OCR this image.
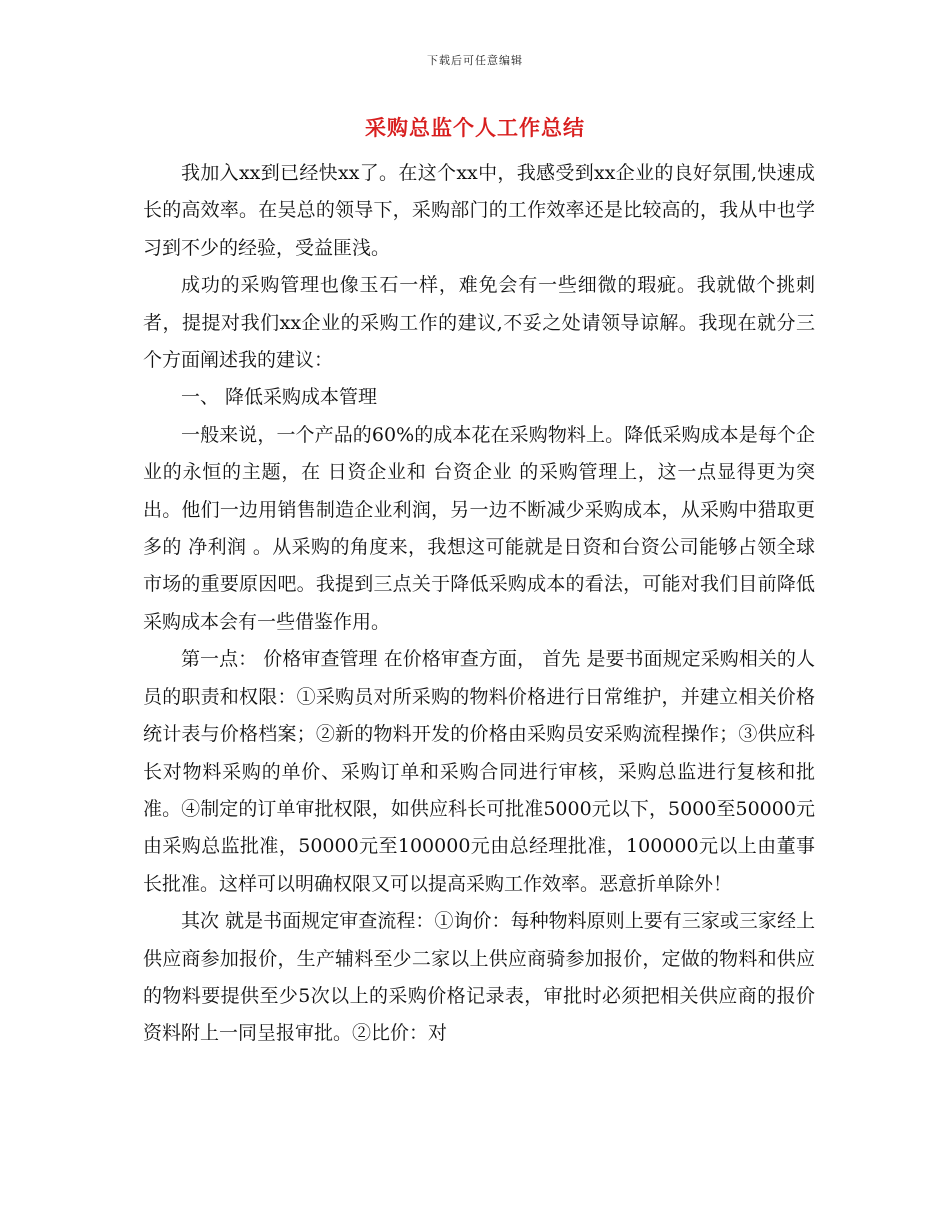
下载后可任意编辑
采购总监个人工作总结

我加入xx到已经快xx了。在这个xx中，我感受到xx企业的良好氛围,快速成长的高效率。在吴总的领导下，采购部门的工作效率还是比较高的，我从中也学习到不少的经验，受益匪浅。

成功的采购管理也像玉石一样，难免会有一些细微的瑕疵。我就做个挑刺者，提提对我们xx企业的采购工作的建议,不妥之处请领导谅解。我现在就分三个方面阐述我的建议：

一、 降低采购成本管理

一般来说，一个产品的60%的成本花在采购物料上。降低采购成本是每个企业的永恒的主题，在 日资企业和 台资企业 的采购管理上，这一点显得更为突出。他们一边用销售制造企业利润，另一边不断减少采购成本，从采购中猎取更多的 净利润 。从采购的角度来，我想这可能就是日资和台资公司能够占领全球市场的重要原因吧。我提到三点关于降低采购成本的看法，可能对我们目前降低采购成本会有一些借鉴作用。

第一点： 价格审查管理 在价格审查方面， 首先 是要书面规定采购相关的人员的职责和权限：①采购员对所采购的物料价格进行日常维护，并建立相关价格统计表与价格档案；②新的物料开发的价格由采购员安采购流程操作；③供应科长对物料采购的单价、采购订单和采购合同进行审核，采购总监进行复核和批准。④制定的订单审批权限，如供应科长可批准5000元以下，5000至50000元由采购总监批准，50000元至100000元由总经理批准，100000元以上由董事长批准。这样可以明确权限又可以提高采购工作效率。恶意折单除外！

其次 就是书面规定审查流程：①询价：每种物料原则上要有三家或三家经上供应商参加报价，生产辅料至少二家以上供应商骑参加报价，定做的物料和供应的物料要提供至少5次以上的采购价格记录表，审批时必须把相关供应商的报价资料附上一同呈报审批。②比价：对
